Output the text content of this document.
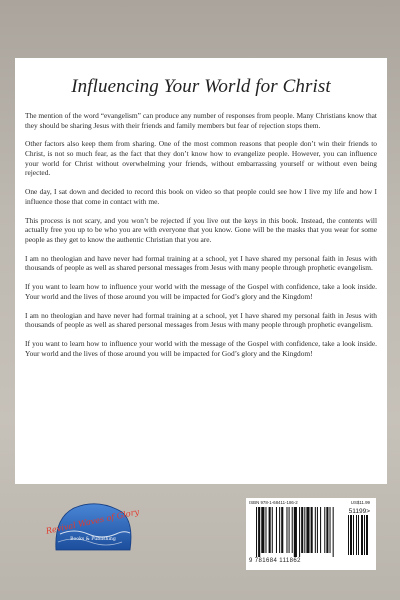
Influencing Your World for Christ

The mention of the word “evangelism” can produce any number of responses from people. Many Christians know that they should be sharing Jesus with their friends and family members but fear of rejection stops them.

Other factors also keep them from sharing. One of the most common reasons that people don’t win their friends to Christ, is not so much fear, as the fact that they don’t know how to evangelize people. However, you can influence your world for Christ without overwhelming your friends, without embarrassing yourself or without even being rejected.

One day, I sat down and decided to record this book on video so that people could see how I live my life and how I influence those that come in contact with me.

This process is not scary, and you won’t be rejected if you live out the keys in this book. Instead, the contents will actually free you up to be who you are with everyone that you know. Gone will be the masks that you wear for some people as they get to know the authentic Christian that you are.

I am no theologian and have never had formal training at a school, yet I have shared my personal faith in Jesus with thousands of people as well as shared personal messages from Jesus with many people through prophetic evangelism.

If you want to learn how to influence your world with the message of the Gospel with confidence, take a look inside. Your world and the lives of those around you will be impacted for God’s glory and the Kingdom!

I am no theologian and have never had formal training at a school, yet I have shared my personal faith in Jesus with thousands of people as well as shared personal messages from Jesus with many people through prophetic evangelism.

If you want to learn how to influence your world with the message of the Gospel with confidence, take a look inside. Your world and the lives of those around you will be impacted for God’s glory and the Kingdom!

Revival Waves of Glory
Books & Publishing
ISBN 978-1-68411-186-2	US$11.99
51199>
9 781684 111862
